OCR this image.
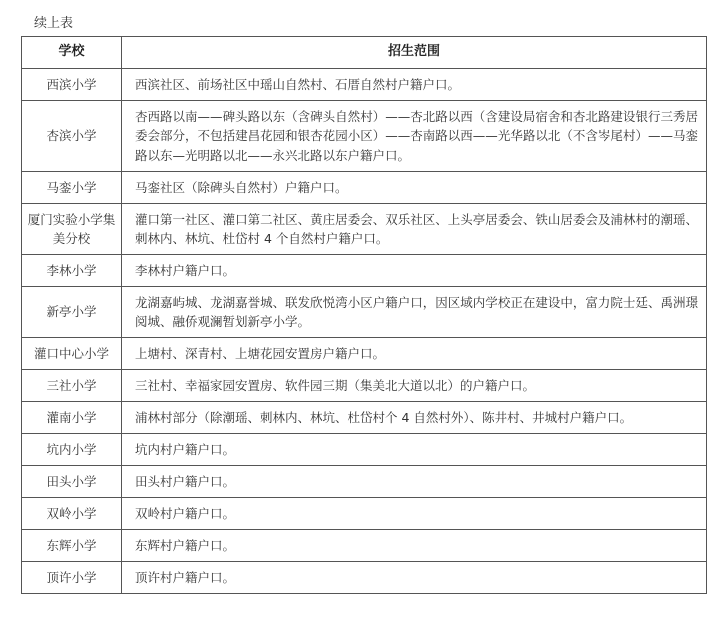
续上表
学校	招生范围
西滨小学	西滨社区、前场社区中瑶山自然村、石厝自然村户籍户口。
杏滨小学	杏西路以南——碑头路以东（含碑头自然村）——杏北路以西（含建设局宿舍和杏北路建设银行三秀居委会部分，不包括建昌花园和银杏花园小区）——杏南路以西——光华路以北（不含岑尾村）——马銮路以东—光明路以北——永兴北路以东户籍户口。
马銮小学	马銮社区（除碑头自然村）户籍户口。
厦门实验小学集美分校	灌口第一社区、灌口第二社区、黄庄居委会、双乐社区、上头亭居委会、铁山居委会及浦林村的潮瑶、刺林内、林坑、杜岱村 4 个自然村户籍户口。
李林小学	李林村户籍户口。
新亭小学	龙湖嘉屿城、龙湖嘉誉城、联发欣悦湾小区户籍户口，因区域内学校正在建设中，富力院士廷、禹洲璟阅城、融侨观澜暂划新亭小学。
灌口中心小学	上塘村、深青村、上塘花园安置房户籍户口。
三社小学	三社村、幸福家园安置房、软件园三期（集美北大道以北）的户籍户口。
灌南小学	浦林村部分（除潮瑶、刺林内、林坑、杜岱村个 4 自然村外）、陈井村、井城村户籍户口。
坑内小学	坑内村户籍户口。
田头小学	田头村户籍户口。
双岭小学	双岭村户籍户口。
东辉小学	东辉村户籍户口。
顶许小学	顶许村户籍户口。
